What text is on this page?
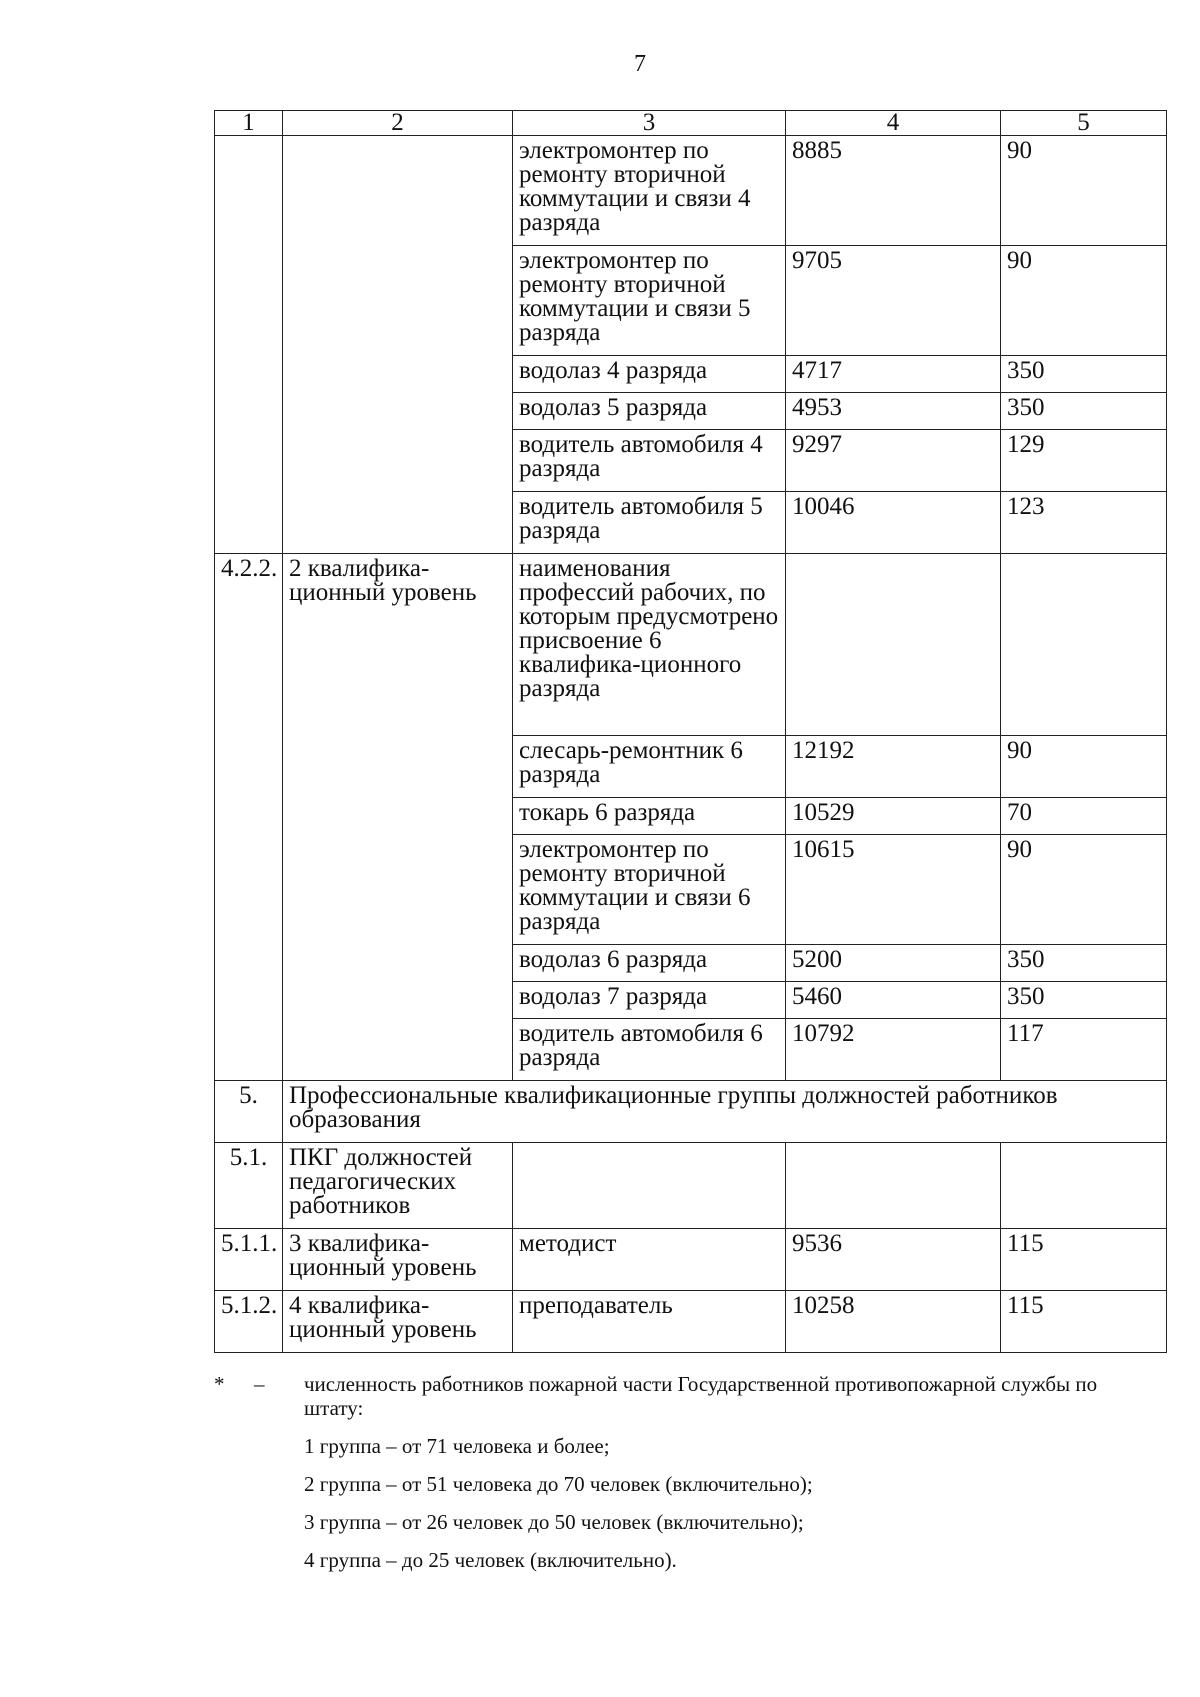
7
1	2	3	4	5
		электромонтер по ремонту вторичной коммутации и связи 4 разряда	8885	90
		электромонтер по ремонту вторичной коммутации и связи 5 разряда	9705	90
		водолаз 4 разряда	4717	350
		водолаз 5 разряда	4953	350
		водитель автомобиля 4 разряда	9297	129
		водитель автомобиля 5 разряда	10046	123
4.2.2.	2 квалифика-ционный уровень	наименования профессий рабочих, по которым предусмотрено присвоение 6 квалифика-ционного разряда		
		слесарь-ремонтник 6 разряда	12192	90
		токарь 6 разряда	10529	70
		электромонтер по ремонту вторичной коммутации и связи 6 разряда	10615	90
		водолаз 6 разряда	5200	350
		водолаз 7 разряда	5460	350
		водитель автомобиля 6 разряда	10792	117
5.	Профессиональные квалификационные группы должностей работников образования			
5.1.	ПКГ должностей педагогических работников			
5.1.1.	3 квалифика-ционный уровень	методист	9536	115
5.1.2.	4 квалифика-ционный уровень	преподаватель	10258	115
*	–	численность работников пожарной части Государственной противопожарной службы по штату:
1 группа – от 71 человека и более;
2 группа – от 51 человека до 70 человек (включительно);
3 группа – от 26 человек до 50 человек (включительно);
4 группа – до 25 человек (включительно).
